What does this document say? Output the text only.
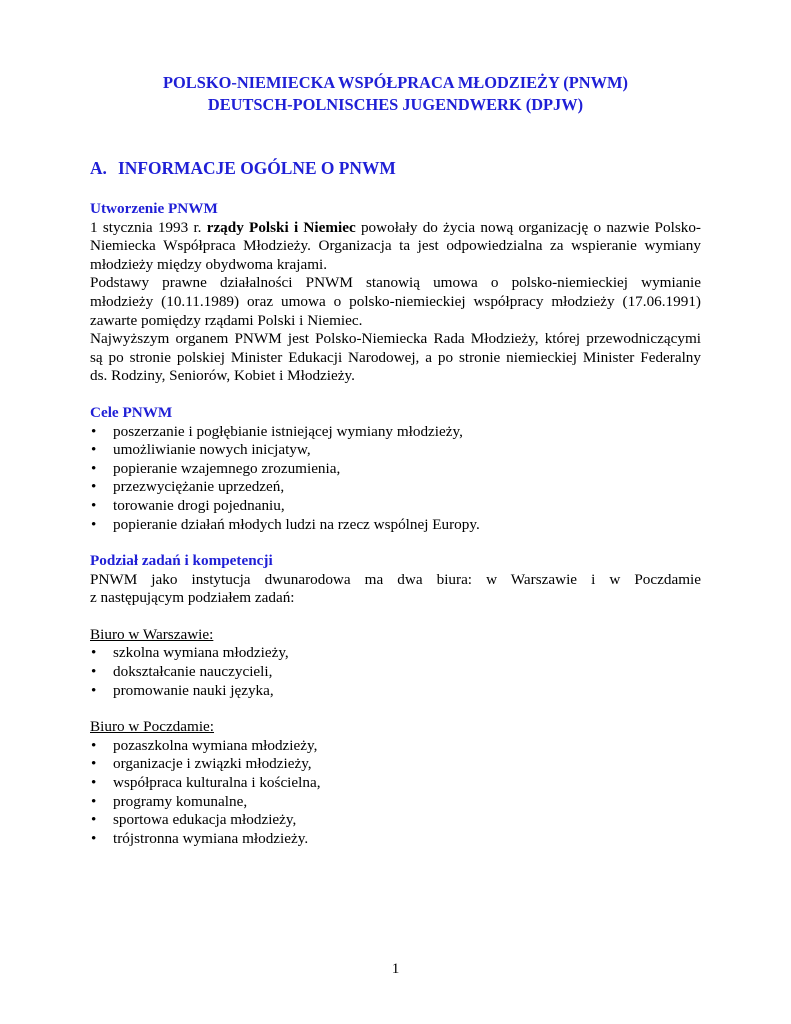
POLSKO-NIEMIECKA WSPÓŁPRACA MŁODZIEŻY (PNWM)
DEUTSCH-POLNISCHES JUGENDWERK (DPJW)
A. INFORMACJE OGÓLNE O PNWM
Utworzenie PNWM
1 stycznia 1993 r. rządy Polski i Niemiec powołały do życia nową organizację o nazwie Polsko-
Niemiecka Współpraca Młodzieży. Organizacja ta jest odpowiedzialna za wspieranie wymiany
młodzieży między obydwoma krajami.
Podstawy prawne działalności PNWM stanowią umowa o polsko-niemieckiej wymianie
młodzieży (10.11.1989) oraz umowa o polsko-niemieckiej współpracy młodzieży (17.06.1991)
zawarte pomiędzy rządami Polski i Niemiec.
Najwyższym organem PNWM jest Polsko-Niemiecka Rada Młodzieży, której przewodniczącymi
są po stronie polskiej Minister Edukacji Narodowej, a po stronie niemieckiej Minister Federalny
ds. Rodziny, Seniorów, Kobiet i Młodzieży.
Cele PNWM
• poszerzanie i pogłębianie istniejącej wymiany młodzieży,
• umożliwianie nowych inicjatyw,
• popieranie wzajemnego zrozumienia,
• przezwyciężanie uprzedzeń,
• torowanie drogi pojednaniu,
• popieranie działań młodych ludzi na rzecz wspólnej Europy.
Podział zadań i kompetencji
PNWM jako instytucja dwunarodowa ma dwa biura: w Warszawie i w Poczdamie
z następującym podziałem zadań:
Biuro w Warszawie:
• szkolna wymiana młodzieży,
• dokształcanie nauczycieli,
• promowanie nauki języka,
Biuro w Poczdamie:
• pozaszkolna wymiana młodzieży,
• organizacje i związki młodzieży,
• współpraca kulturalna i kościelna,
• programy komunalne,
• sportowa edukacja młodzieży,
• trójstronna wymiana młodzieży.
1
